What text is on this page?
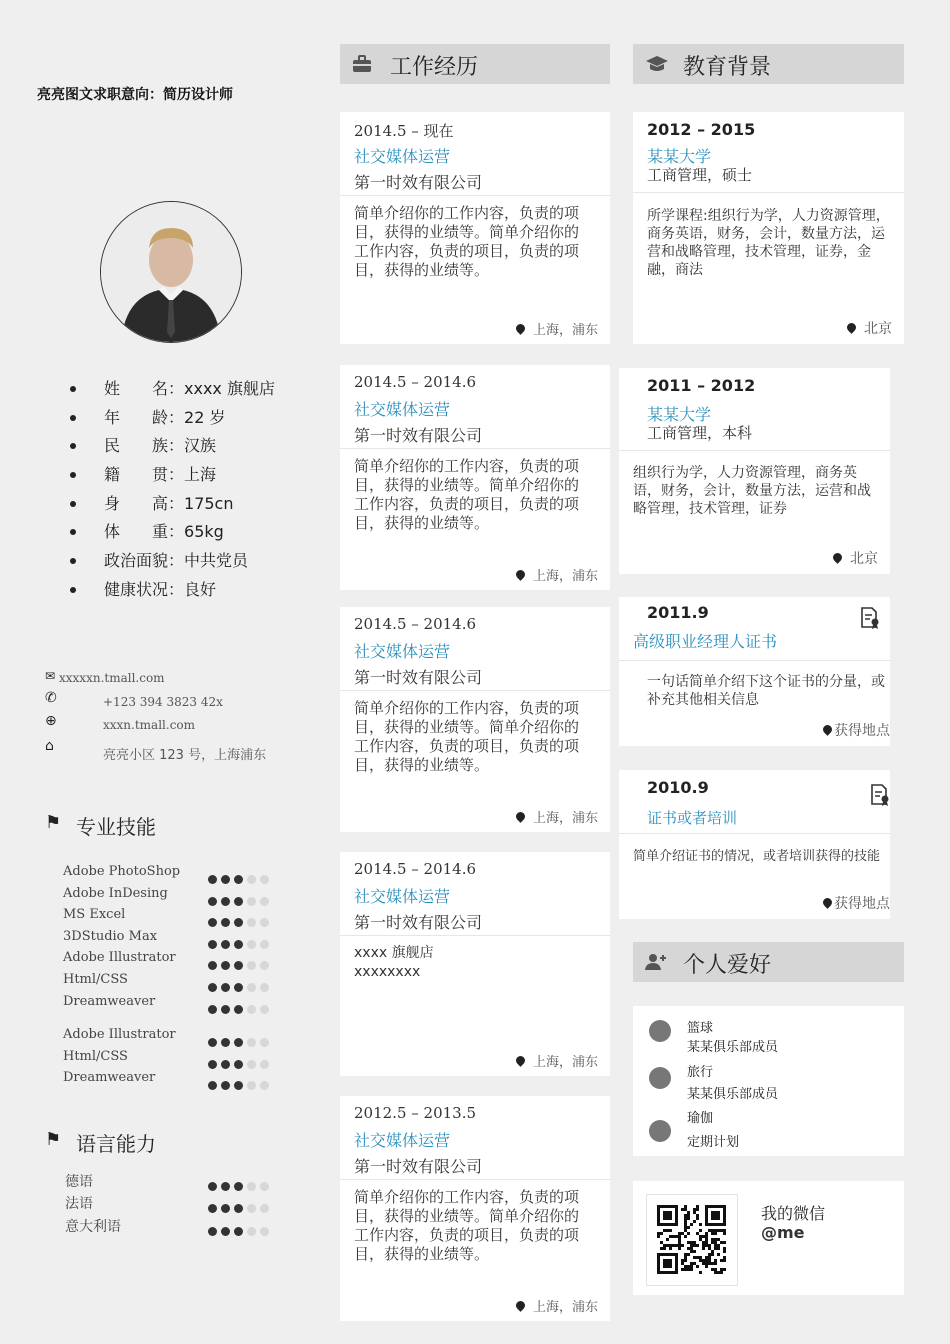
亮亮图文求职意向：简历设计师
姓　　名：xxxx 旗舰店
年　　龄：22 岁
民　　族：汉族
籍　　贯：上海
身　　高：175cn
体　　重：65kg
政治面貌：中共党员
健康状况：良好
✉ xxxxxn.tmall.com
✆	+123 394 3823 42x
⊕	xxxn.tmall.com
⌂
亮亮小区 123 号，上海浦东
⚑ 专业技能
Adobe PhotoShop
Adobe InDesing
MS Excel
3DStudio Max
Adobe Illustrator
Html/CSS
Dreamweaver
Adobe Illustrator
Html/CSS
Dreamweaver
⚑ 语言能力
德语
法语
意大利语
工作经历
2014.5 – 现在
社交媒体运营
第一时效有限公司
简单介绍你的工作内容，负责的项目，获得的业绩等。简单介绍你的工作内容，负责的项目，负责的项目，获得的业绩等。
上海，浦东
2014.5 – 2014.6
社交媒体运营
第一时效有限公司
简单介绍你的工作内容，负责的项目，获得的业绩等。简单介绍你的工作内容，负责的项目，负责的项目，获得的业绩等。
上海，浦东
2014.5 – 2014.6
社交媒体运营
第一时效有限公司
简单介绍你的工作内容，负责的项目，获得的业绩等。简单介绍你的工作内容，负责的项目，负责的项目，获得的业绩等。
上海，浦东
2014.5 – 2014.6
社交媒体运营
第一时效有限公司
xxxx 旗舰店
xxxxxxxx
上海，浦东
2012.5 – 2013.5
社交媒体运营
第一时效有限公司
简单介绍你的工作内容，负责的项目，获得的业绩等。简单介绍你的工作内容，负责的项目，负责的项目，获得的业绩等。
上海，浦东
教育背景
2012 – 2015
某某大学
工商管理，硕士
所学课程:组织行为学，人力资源管理，商务英语，财务，会计，数量方法，运营和战略管理，技术管理，证券，金融，商法
北京
2011 – 2012
某某大学
工商管理，本科
组织行为学，人力资源管理，商务英语，财务，会计，数量方法，运营和战略管理，技术管理，证券
北京
2011.9
高级职业经理人证书
一句话简单介绍下这个证书的分量，或补充其他相关信息
获得地点
2010.9
证书或者培训
简单介绍证书的情况，或者培训获得的技能
获得地点
个人爱好
篮球
某某俱乐部成员
旅行
某某俱乐部成员
瑜伽
定期计划
我的微信
@me
